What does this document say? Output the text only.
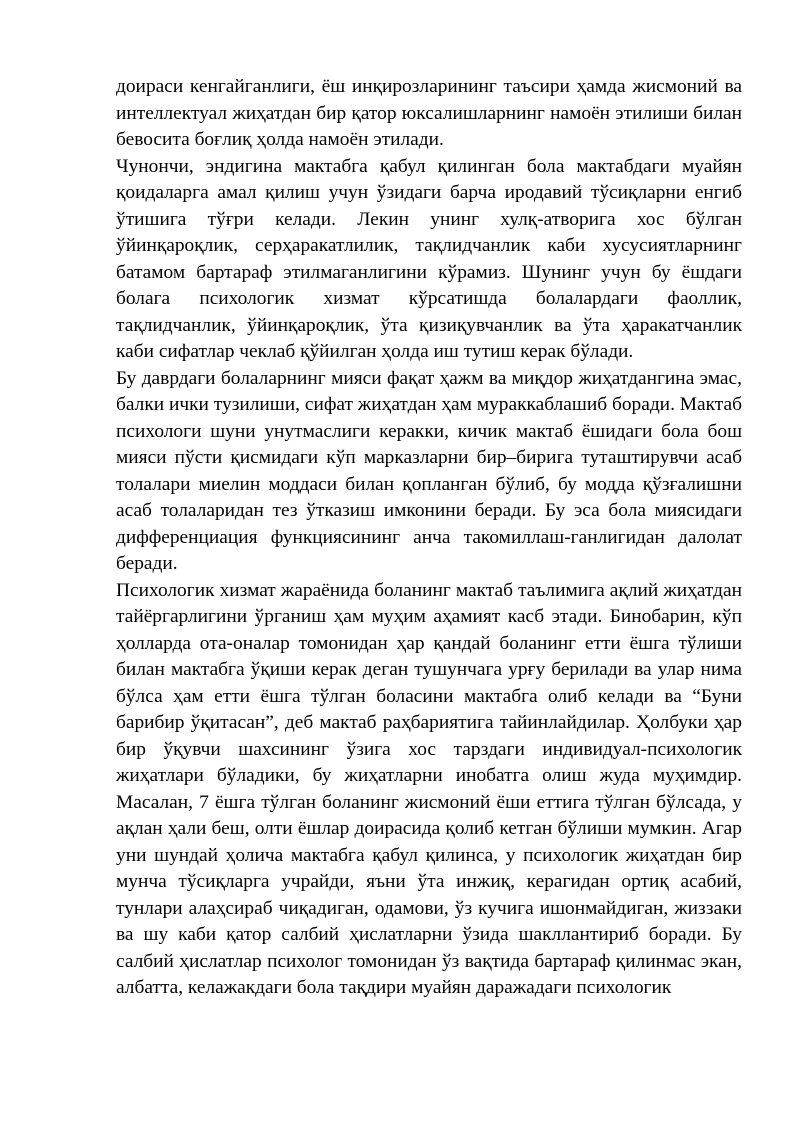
доираси кенгайганлиги, ёш инқирозларининг таъсири ҳамда жисмоний ва интеллектуал жиҳатдан бир қатор юксалишларнинг намоён этилиши билан бевосита боғлиқ ҳолда намоён этилади.

Чунончи, эндигина мактабга қабул қилинган бола мактабдаги муайян қоидаларга амал қилиш учун ўзидаги барча иродавий тўсиқларни енгиб ўтишига тўғри келади. Лекин унинг хулқ-атворига хос бўлган ўйинқароқлик, серҳаракатлилик, тақлидчанлик каби хусусиятларнинг батамом бартараф этилмаганлигини кўрамиз. Шунинг учун бу ёшдаги болага психологик хизмат кўрсатишда болалардаги фаоллик, тақлидчанлик, ўйинқароқлик, ўта қизиқувчанлик ва ўта ҳаракатчанлик каби сифатлар чеклаб қўйилган ҳолда иш тутиш керак бўлади.

Бу даврдаги болаларнинг мияси фақат ҳажм ва миқдор жиҳатдангина эмас, балки ички тузилиши, сифат жиҳатдан ҳам мураккаблашиб боради. Мактаб психологи шуни унутмаслиги керакки, кичик мактаб ёшидаги бола бош мияси пўсти қисмидаги кўп марказларни бир–бирига туташтирувчи асаб толалари миелин моддаси билан қопланган бўлиб, бу модда қўзғалишни асаб толаларидан тез ўтказиш имконини беради. Бу эса бола миясидаги дифференциация функциясининг анча такомиллаш-ганлигидан далолат беради.

Психологик хизмат жараёнида боланинг мактаб таълимига ақлий жиҳатдан тайёргарлигини ўрганиш ҳам муҳим аҳамият касб этади. Бинобарин, кўп ҳолларда ота-оналар томонидан ҳар қандай боланинг етти ёшга тўлиши билан мактабга ўқиши керак деган тушунчага урғу берилади ва улар нима бўлса ҳам етти ёшга тўлган боласини мактабга олиб келади ва “Буни барибир ўқитасан”, деб мактаб раҳбариятига тайинлайдилар. Ҳолбуки ҳар бир ўқувчи шахсининг ўзига хос тарздаги индивидуал-психологик жиҳатлари бўладики, бу жиҳатларни инобатга олиш жуда муҳимдир. Масалан, 7 ёшга тўлган боланинг жисмоний ёши еттига тўлган бўлсада, у ақлан ҳали беш, олти ёшлар доирасида қолиб кетган бўлиши мумкин. Агар уни шундай ҳолича мактабга қабул қилинса, у психологик жиҳатдан бир мунча тўсиқларга учрайди, яъни ўта инжиқ, керагидан ортиқ асабий, тунлари алаҳсираб чиқадиган, одамови, ўз кучига ишонмайдиган, жиззаки ва шу каби қатор салбий ҳислатларни ўзида шакллантириб боради. Бу салбий ҳислатлар психолог томонидан ўз вақтида бартараф қилинмас экан, албатта, келажакдаги бола тақдири муайян даражадаги психологик
